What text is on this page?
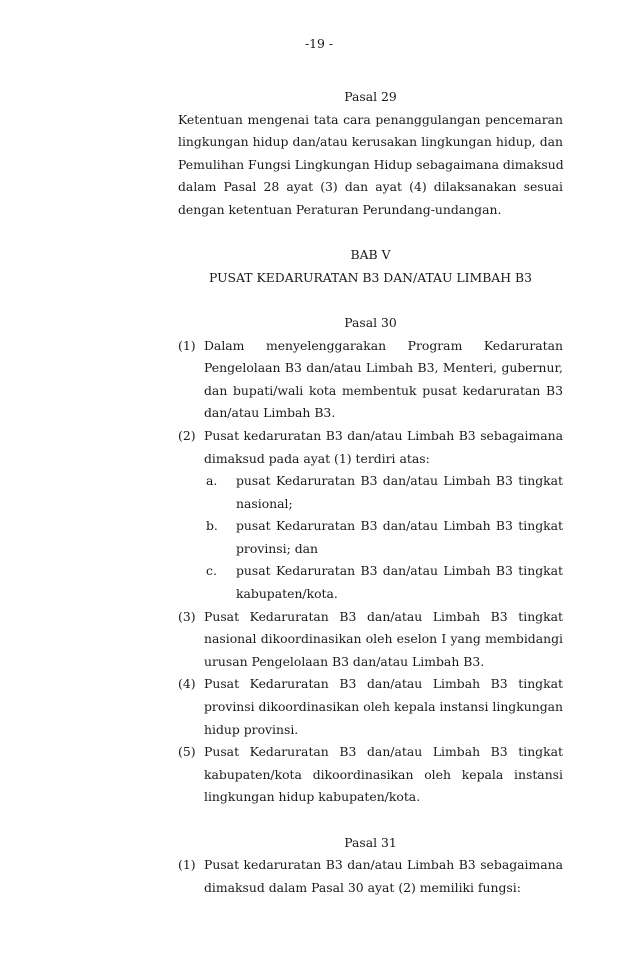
-19 -
Pasal 29
Ketentuan mengenai tata cara penanggulangan pencemaran
lingkungan hidup dan/atau kerusakan lingkungan hidup, dan
Pemulihan Fungsi Lingkungan Hidup sebagaimana dimaksud
dalam Pasal 28 ayat (3) dan ayat (4) dilaksanakan sesuai
dengan ketentuan Peraturan Perundang-undangan.
BAB V
PUSAT KEDARURATAN B3 DAN/ATAU LIMBAH B3
Pasal 30
(1) Dalam menyelenggarakan Program Kedaruratan
Pengelolaan B3 dan/atau Limbah B3, Menteri, gubernur,
dan bupati/wali kota membentuk pusat kedaruratan B3
dan/atau Limbah B3.
(2) Pusat kedaruratan B3 dan/atau Limbah B3 sebagaimana
dimaksud pada ayat (1) terdiri atas:
a. pusat Kedaruratan B3 dan/atau Limbah B3 tingkat
nasional;
b. pusat Kedaruratan B3 dan/atau Limbah B3 tingkat
provinsi; dan
c. pusat Kedaruratan B3 dan/atau Limbah B3 tingkat
kabupaten/kota.
(3) Pusat Kedaruratan B3 dan/atau Limbah B3 tingkat
nasional dikoordinasikan oleh eselon I yang membidangi
urusan Pengelolaan B3 dan/atau Limbah B3.
(4) Pusat Kedaruratan B3 dan/atau Limbah B3 tingkat
provinsi dikoordinasikan oleh kepala instansi lingkungan
hidup provinsi.
(5) Pusat Kedaruratan B3 dan/atau Limbah B3 tingkat
kabupaten/kota dikoordinasikan oleh kepala instansi
lingkungan hidup kabupaten/kota.
Pasal 31
(1) Pusat kedaruratan B3 dan/atau Limbah B3 sebagaimana
dimaksud dalam Pasal 30 ayat (2) memiliki fungsi:
